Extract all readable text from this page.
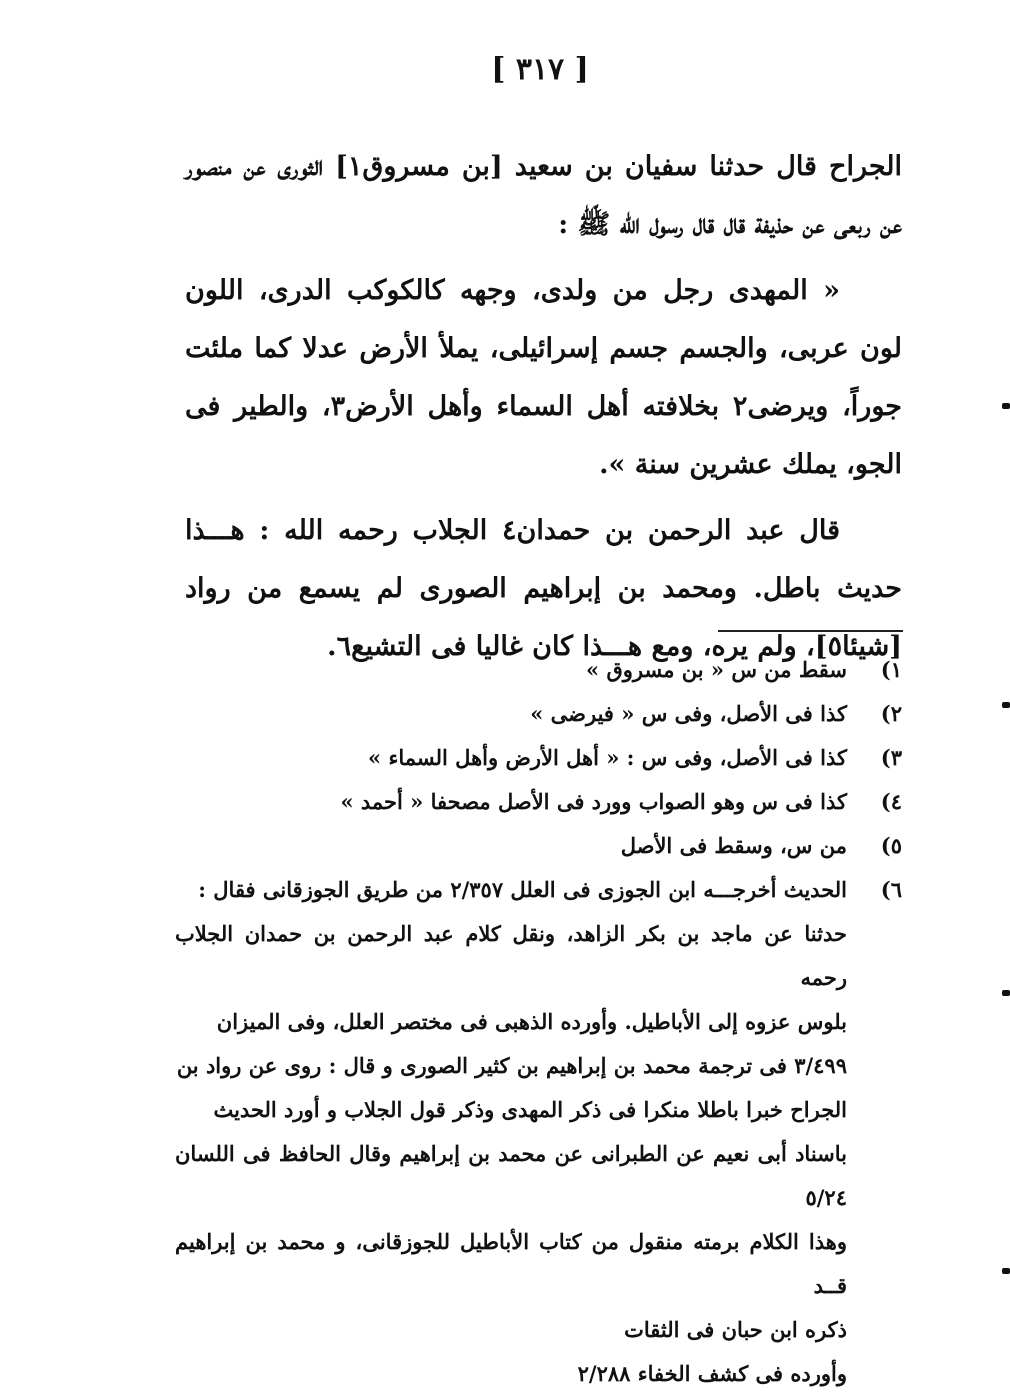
[ ٣١٧ ]

الجراح قال حدثنا سفيان بن سعيد [بن مسروق١] الثورى عن منصور عن ربعى عن حذيفة قال قال رسول الله ﷺ :

« المهدى رجل من ولدى، وجهه كالكوكب الدرى، اللون لون عربى، والجسم جسم إسرائيلى، يملأ الأرض عدلا كما ملئت جوراً، ويرضى٢ بخلافته أهل السماء وأهل الأرض٣، والطير فى الجو، يملك عشرين سنة ».

قال عبد الرحمن بن حمدان٤ الجلاب رحمه الله : هـــذا حديث باطل. ومحمد بن إبراهيم الصورى لم يسمع من رواد [شيئا٥]، ولم يره، ومع هـــذا كان غاليا فى التشيع٦.

١)
سقط من س « بن مسروق »
٢)
كذا فى الأصل، وفى س « فيرضى »
٣)
كذا فى الأصل، وفى س : « أهل الأرض وأهل السماء »
٤)
كذا فى س وهو الصواب وورد فى الأصل مصحفا « أحمد »
٥)
من س، وسقط فى الأصل
٦)
الحديث أخرجـــه ابن الجوزى فى العلل ٢/٣٥٧ من طريق الجوزقانى فقال :
حدثنا عن ماجد بن بكر الزاهد، ونقل كلام عبد الرحمن بن حمدان الجلاب رحمه
بلوس عزوه إلى الأباطيل. وأورده الذهبى فى مختصر العلل، وفى الميزان
٣/٤٩٩ فى ترجمة محمد بن إبراهيم بن كثير الصورى و قال : روى عن رواد بن
الجراح خبرا باطلا منكرا فى ذكر المهدى وذكر قول الجلاب و أورد الحديث
باسناد أبى نعيم عن الطبرانى عن محمد بن إبراهيم وقال الحافظ فى اللسان ٥/٢٤
وهذا الكلام برمته منقول من كتاب الأباطيل للجوزقانى، و محمد بن إبراهيم قــد
ذكره ابن حبان فى الثقات
وأورده فى كشف الخفاء ٢/٢٨٨
